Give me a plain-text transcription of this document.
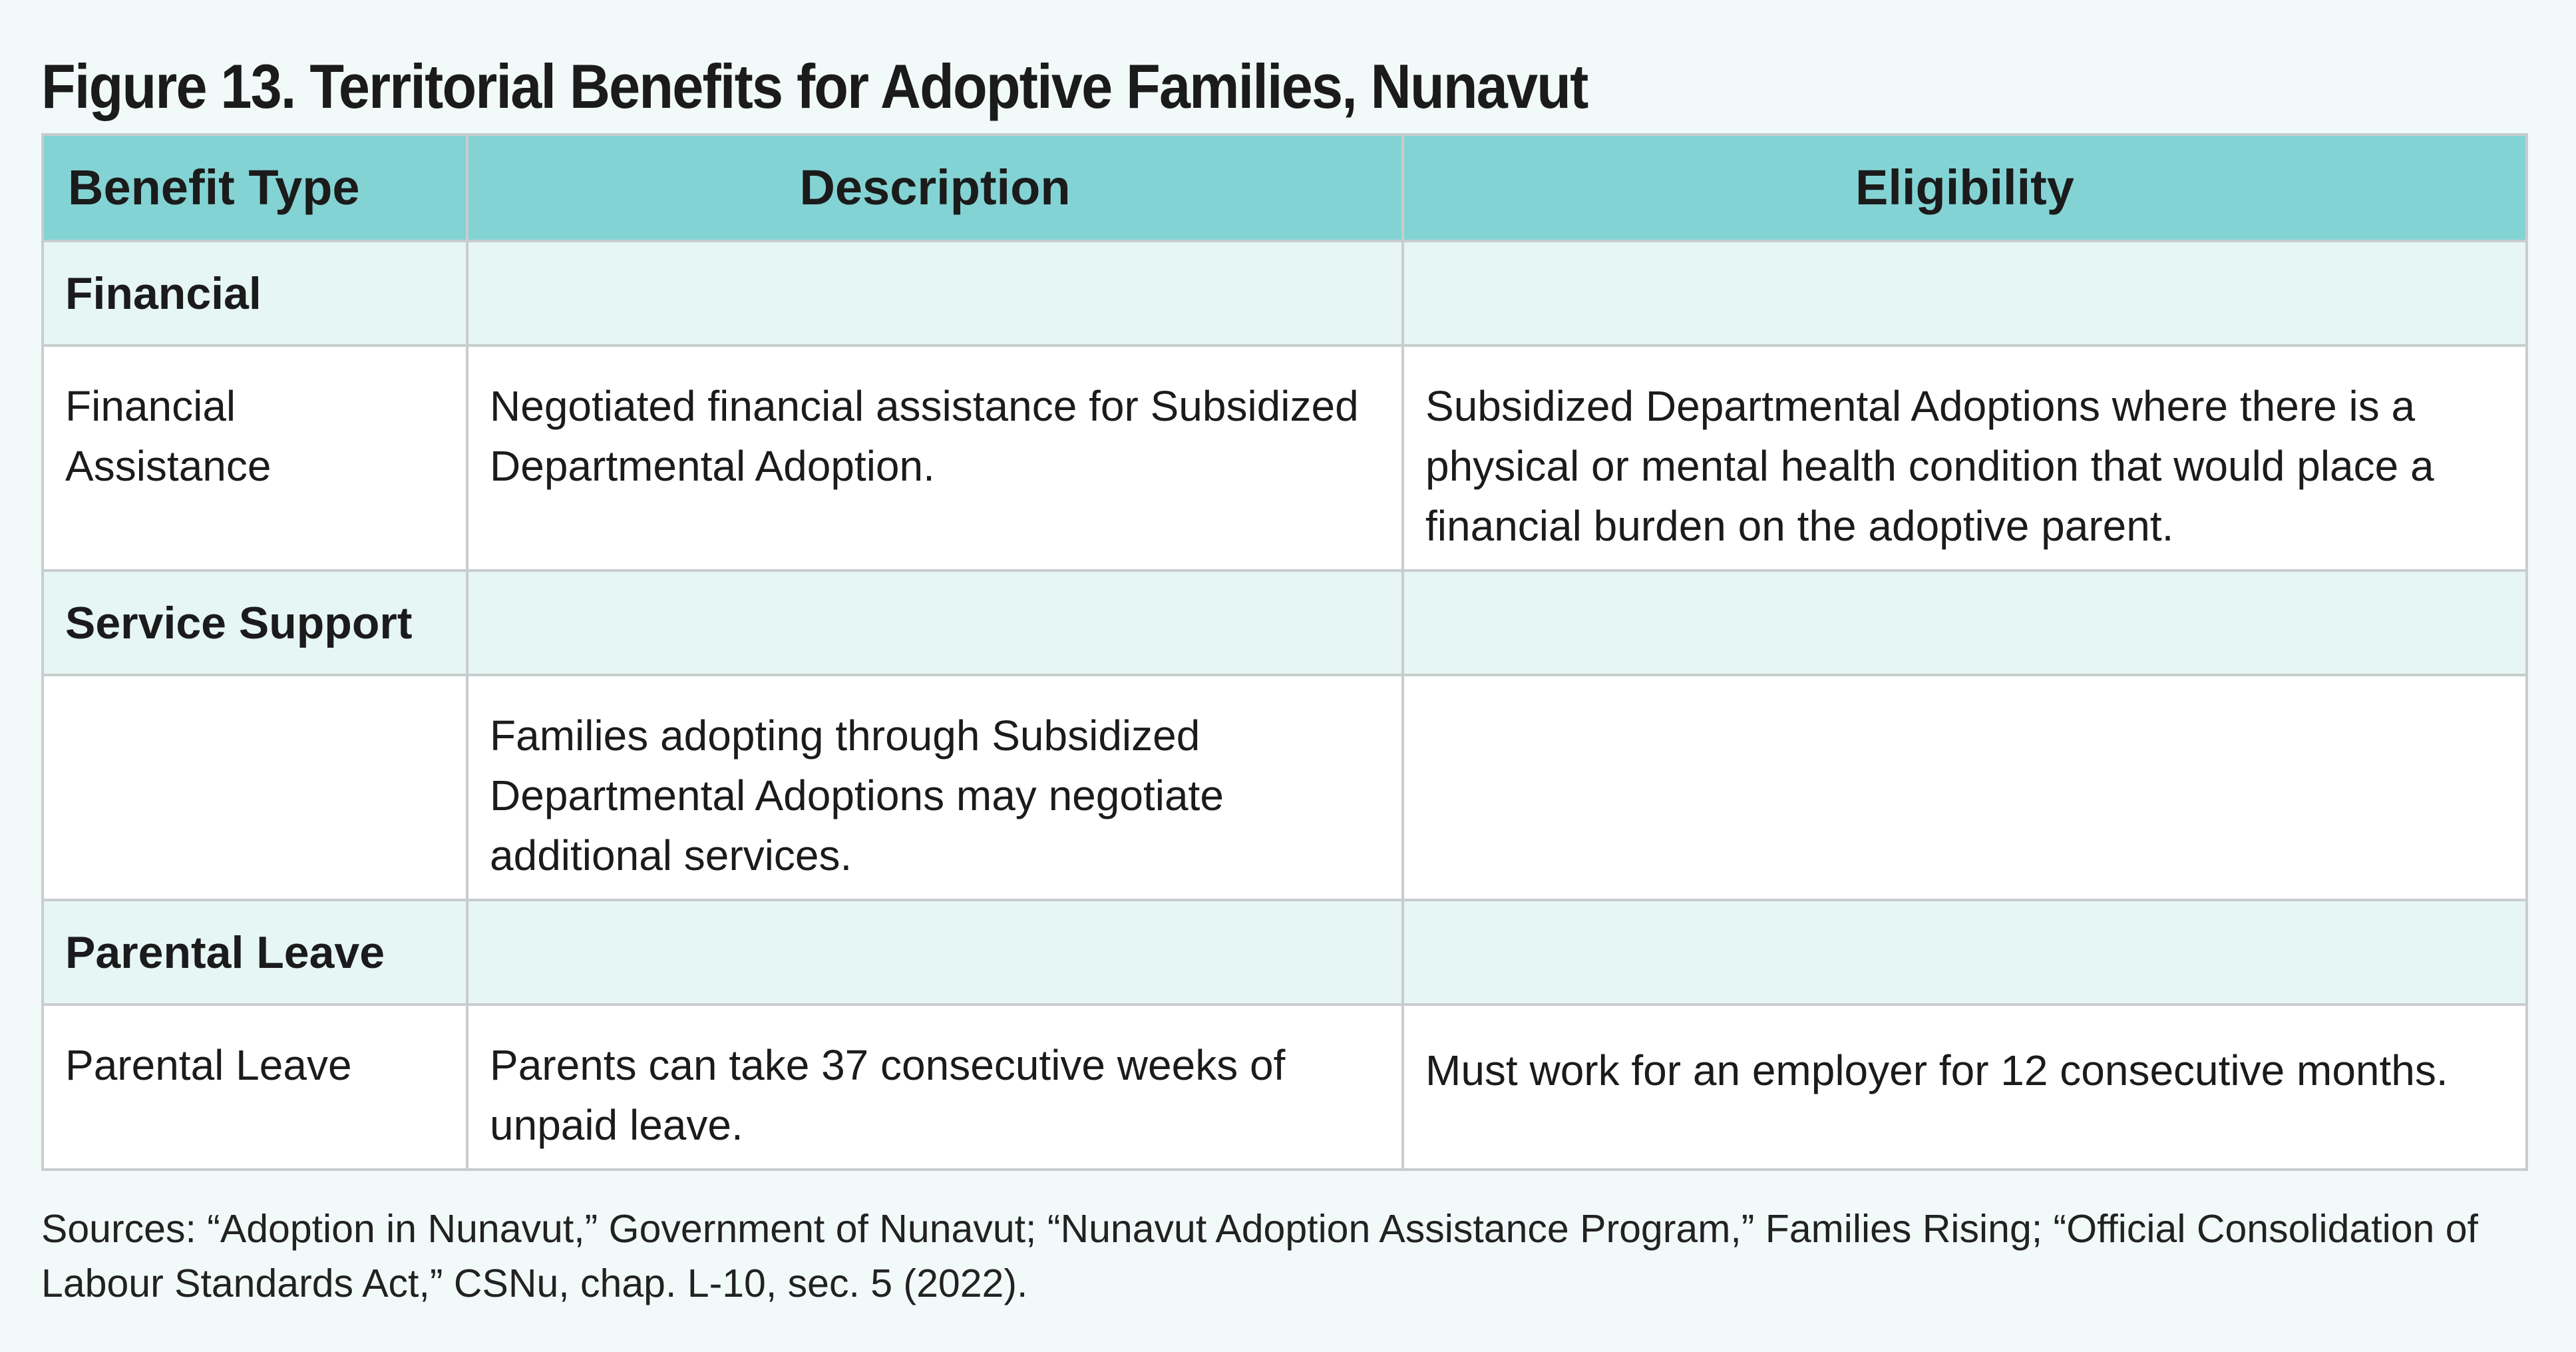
Figure 13. Territorial Benefits for Adoptive Families, Nunavut
Benefit Type	Description	Eligibility
Financial		
Financial Assistance	Negotiated financial assistance for Subsidized Departmental Adoption.	Subsidized Departmental Adoptions where there is a physical or mental health condition that would place a financial burden on the adoptive parent.
Service Support		
	Families adopting through Subsidized Departmental Adoptions may negotiate additional services.	
Parental Leave		
Parental Leave	Parents can take 37 consecutive weeks of unpaid leave.	Must work for an employer for 12 consecutive months.

Sources: “Adoption in Nunavut,” Government of Nunavut; “Nunavut Adoption Assistance Program,” Families Rising; “Official Consolidation of Labour Standards Act,” CSNu, chap. L-10, sec. 5 (2022).
